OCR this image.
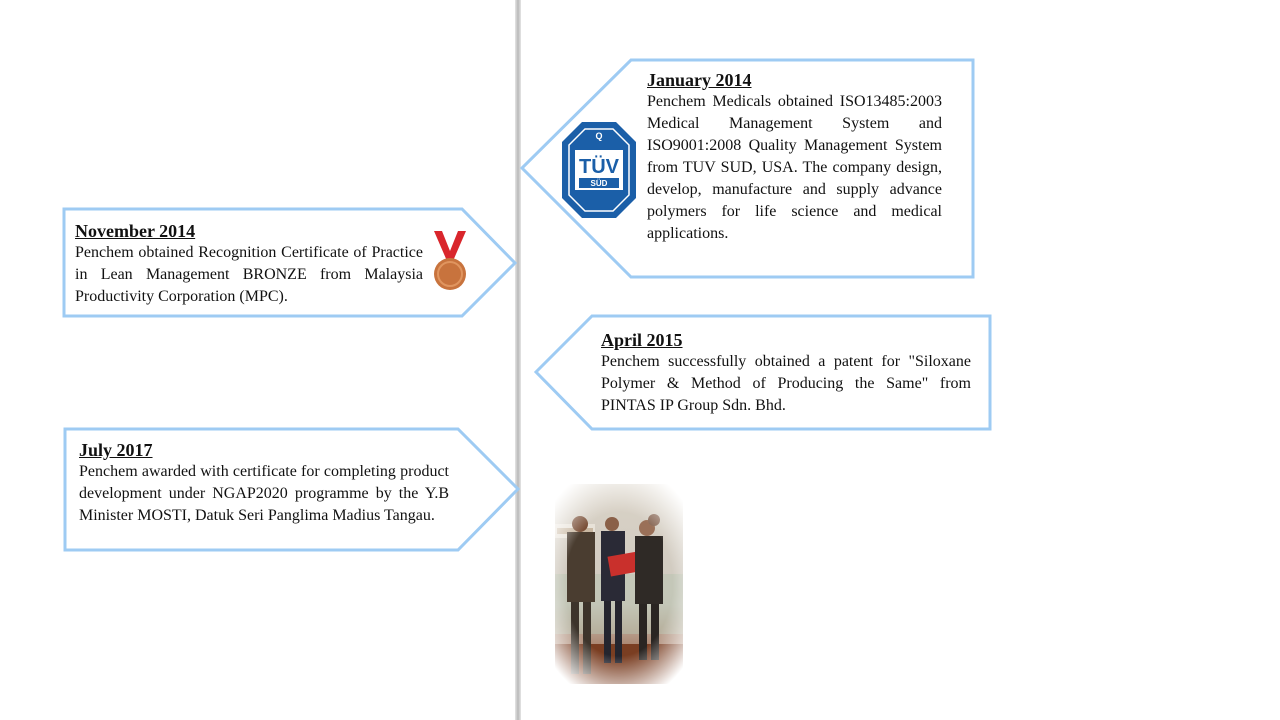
Q
TÜV
SÜD
January 2014
Penchem Medicals obtained ISO13485:2003 Medical Management System and ISO9001:2008 Quality Management System from TUV SUD, USA. The company design, develop, manufacture and supply advance polymers for life science and medical applications.
November 2014
Penchem obtained Recognition Certificate of Practice in Lean Management BRONZE from Malaysia Productivity Corporation (MPC).
April 2015
Penchem successfully obtained a patent for "Siloxane Polymer & Method of Producing the Same" from PINTAS IP Group Sdn. Bhd.
July 2017
Penchem awarded with certificate for completing product development under NGAP2020 programme by the Y.B Minister MOSTI, Datuk Seri Panglima Madius Tangau.
